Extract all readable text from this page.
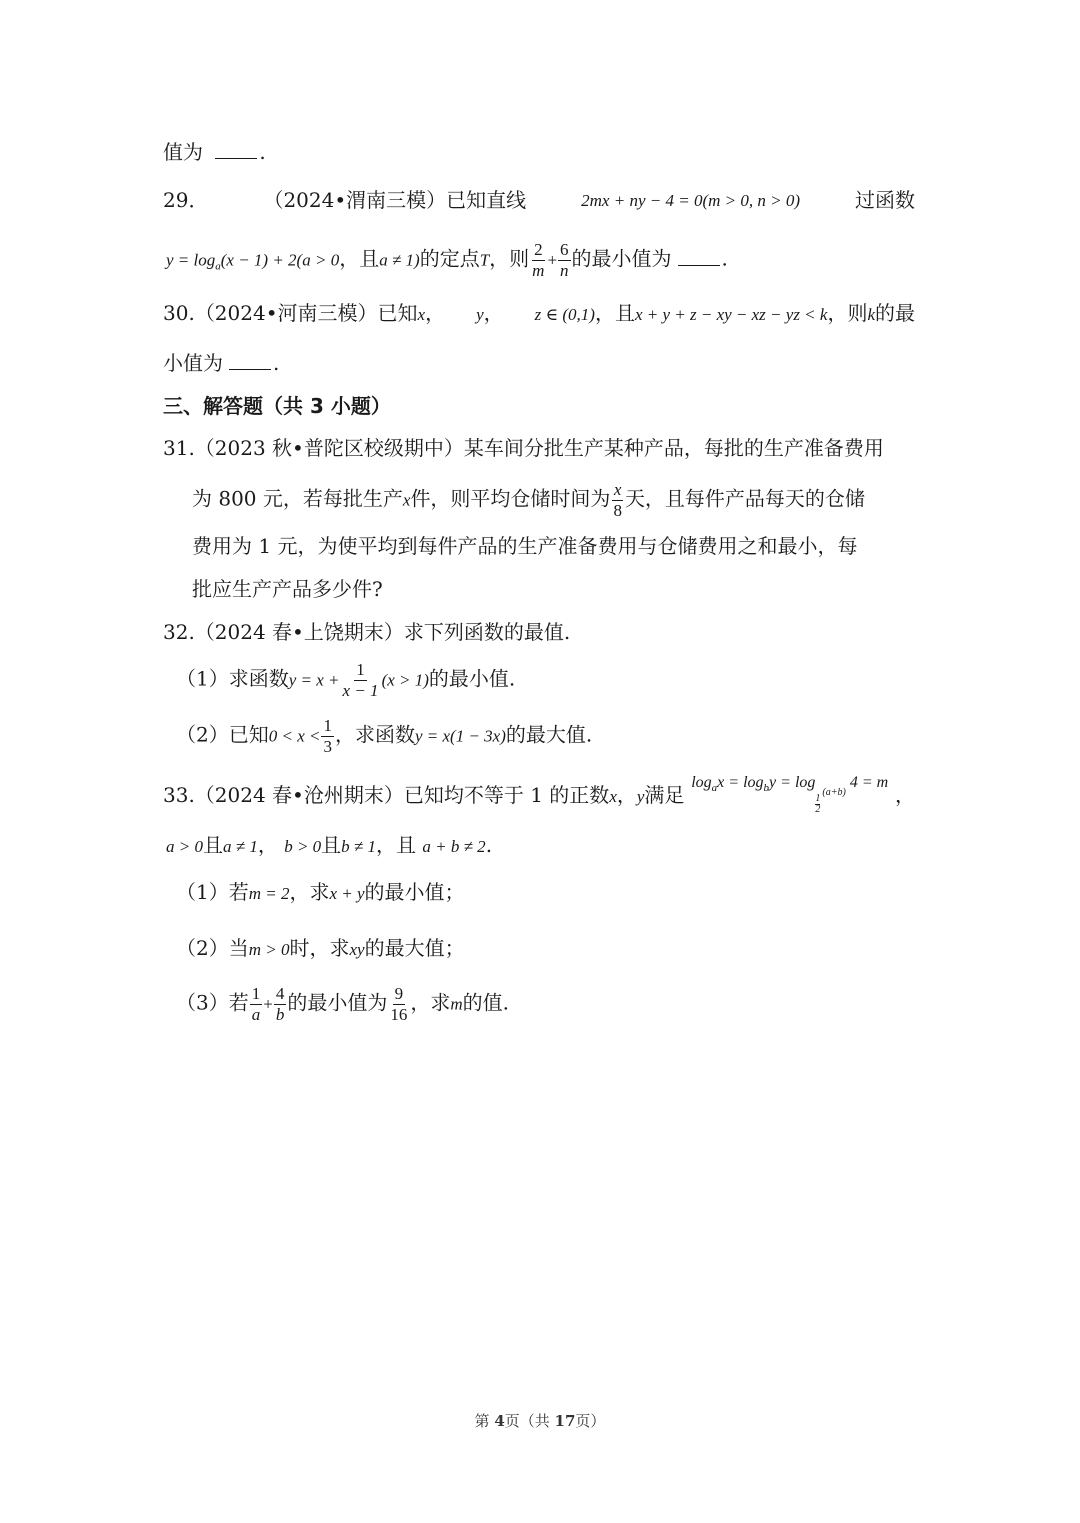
值为	.
29．	（2024•渭南三模）已知直线	2mx + ny − 4 = 0(m > 0, n > 0)	过函数
$y = \log_a(x - 1) + 2(a > 0$，且a ≠ 1)的定点T，则 $\frac{2}{m} + \frac{6}{n}$ 的最小值为	.
30.（2024•河南三模）已知x， y， z ∈ (0,1)，且x + y + z − xy − xz − yz < k，则k的最
小值为	.
三、解答题（共 3 小题）
31.（2023 秋•普陀区校级期中）某车间分批生产某种产品，每批的生产准备费用
为 800 元，若每批生产x件，则平均仓储时间为 $\frac{x}{8}$ 天，且每件产品每天的仓储
费用为 1 元，为使平均到每件产品的生产准备费用与仓储费用之和最小，每
批应生产产品多少件?
32.（2024 春•上饶期末）求下列函数的最值.
（1）求函数$y = x + \frac{1}{x - 1} (x > 1)$的最小值.
（2）已知$0 < x < \frac{1}{3}$ ，求函数y = x(1 − 3x)的最大值.
33.（2024 春•沧州期末）已知均不等于 1 的正数x，y满足
$\log_ax = \log_by = \log$
$\frac{1}{2}$
$_{(a+b)}$ 4 = m
，
a > 0且a ≠ 1， b > 0且b ≠ 1，且 a + b ≠ 2.
（1）若m = 2，求x + y的最小值；
（2）当m > 0时，求xy的最大值；
（3）若 $\frac{1}{a} + \frac{4}{b}$ 的最小值为 $\frac{9}{16}$ ，求m的值.
第 4页（共 17页）
